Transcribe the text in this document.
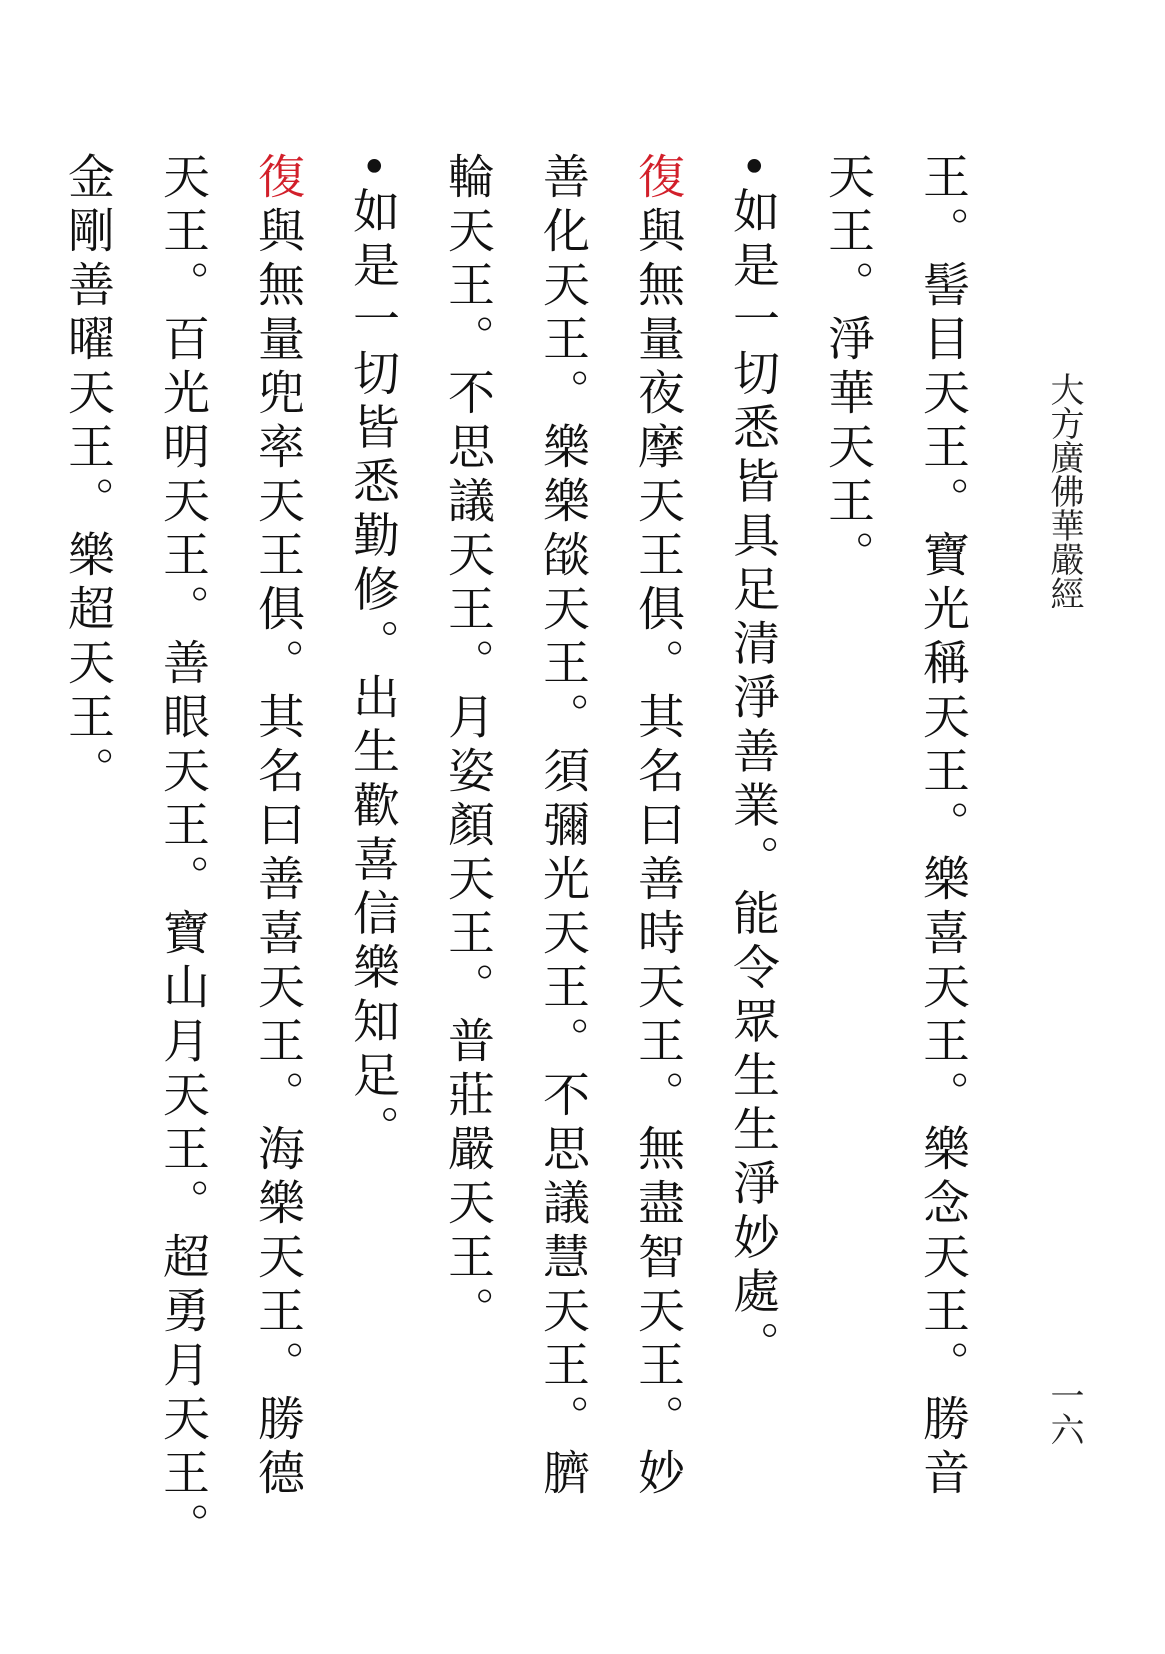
大方廣佛華嚴經
一六

王。髻目天王。寶光稱天王。樂喜天王。樂念天王。勝音

天王。淨華天王。

•如是一切悉皆具足清淨善業。能令眾生生淨妙處。

復與無量夜摩天王俱。其名曰善時天王。無盡智天王。妙

善化天王。樂樂燄天王。須彌光天王。不思議慧天王。臍

輪天王。不思議天王。月姿顏天王。普莊嚴天王。

•如是一切皆悉勤修。出生歡喜信樂知足。

復與無量兜率天王俱。其名曰善喜天王。海樂天王。勝德

天王。百光明天王。善眼天王。寶山月天王。超勇月天王。

金剛善曜天王。樂超天王。
